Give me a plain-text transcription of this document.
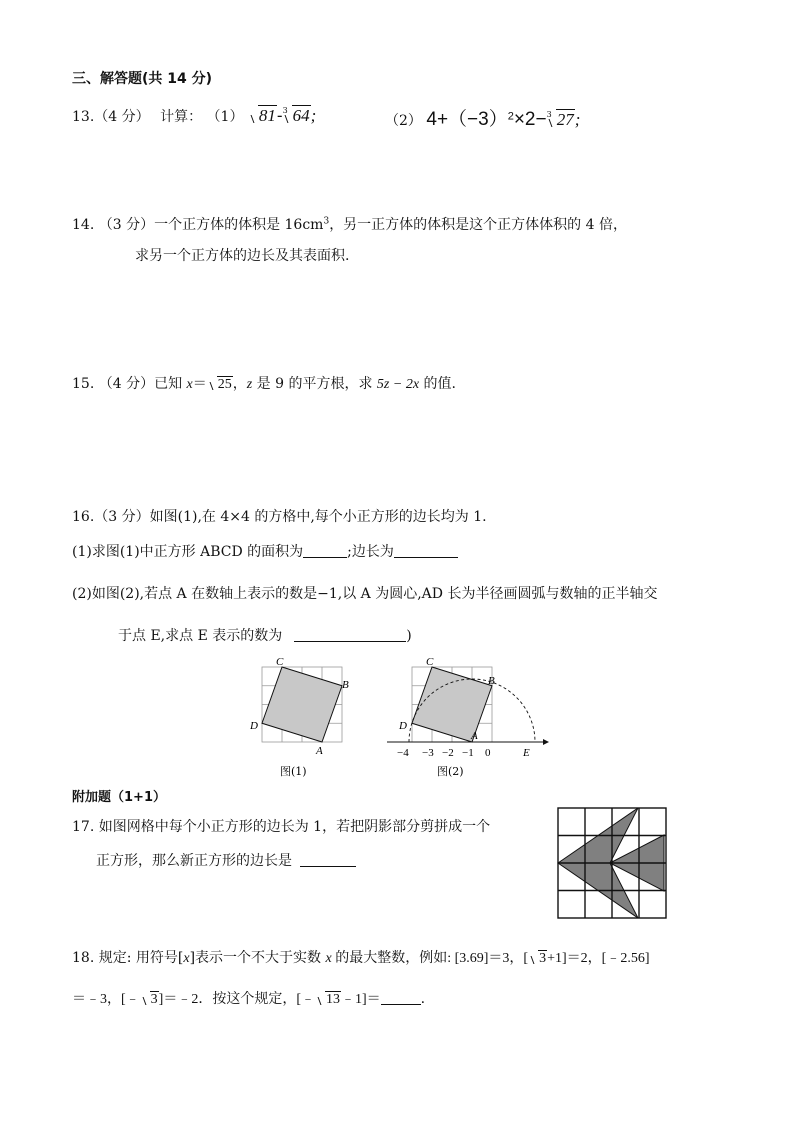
三、解答题(共 14 分)
13.（4 分） 计算： （1） 81-$^3$ 64;	（2） $4+(-3)^2\times 2-^3$ 27;
14. （3 分）一个正方体的体积是 $16cm^3$，另一正方体的体积是这个正方体体积的 4 倍，
求另一个正方体的边长及其表面积.
15. （4 分）已知 x＝ 25，z 是 9 的平方根，求 5z − 2x 的值.
16.（3 分）如图(1),在 4×4 的方格中,每个小正方形的边长均为 1.
(1)求图(1)中正方形 ABCD 的面积为	;边长为
(2)如图(2),若点 A 在数轴上表示的数是−1,以 A 为圆心,AD 长为半径画圆弧与数轴的正半轴交
于点 E,求点 E 表示的数为	)
C
B
D
A
图(1)
−4 −3 −2 −1 0
C
B
D
A
E
图(2)
附加题（1+1）
17. 如图网格中每个小正方形的边长为 1，若把阴影部分剪拼成一个
正方形，那么新正方形的边长是
18. 规定: 用符号[x]表示一个不大于实数 x 的最大整数，例如: [3.69]＝3，[ 3+1]＝2，[﹣2.56]
＝﹣3，[﹣ 3]＝﹣2．按这个规定，[﹣ 13﹣1]＝	.
